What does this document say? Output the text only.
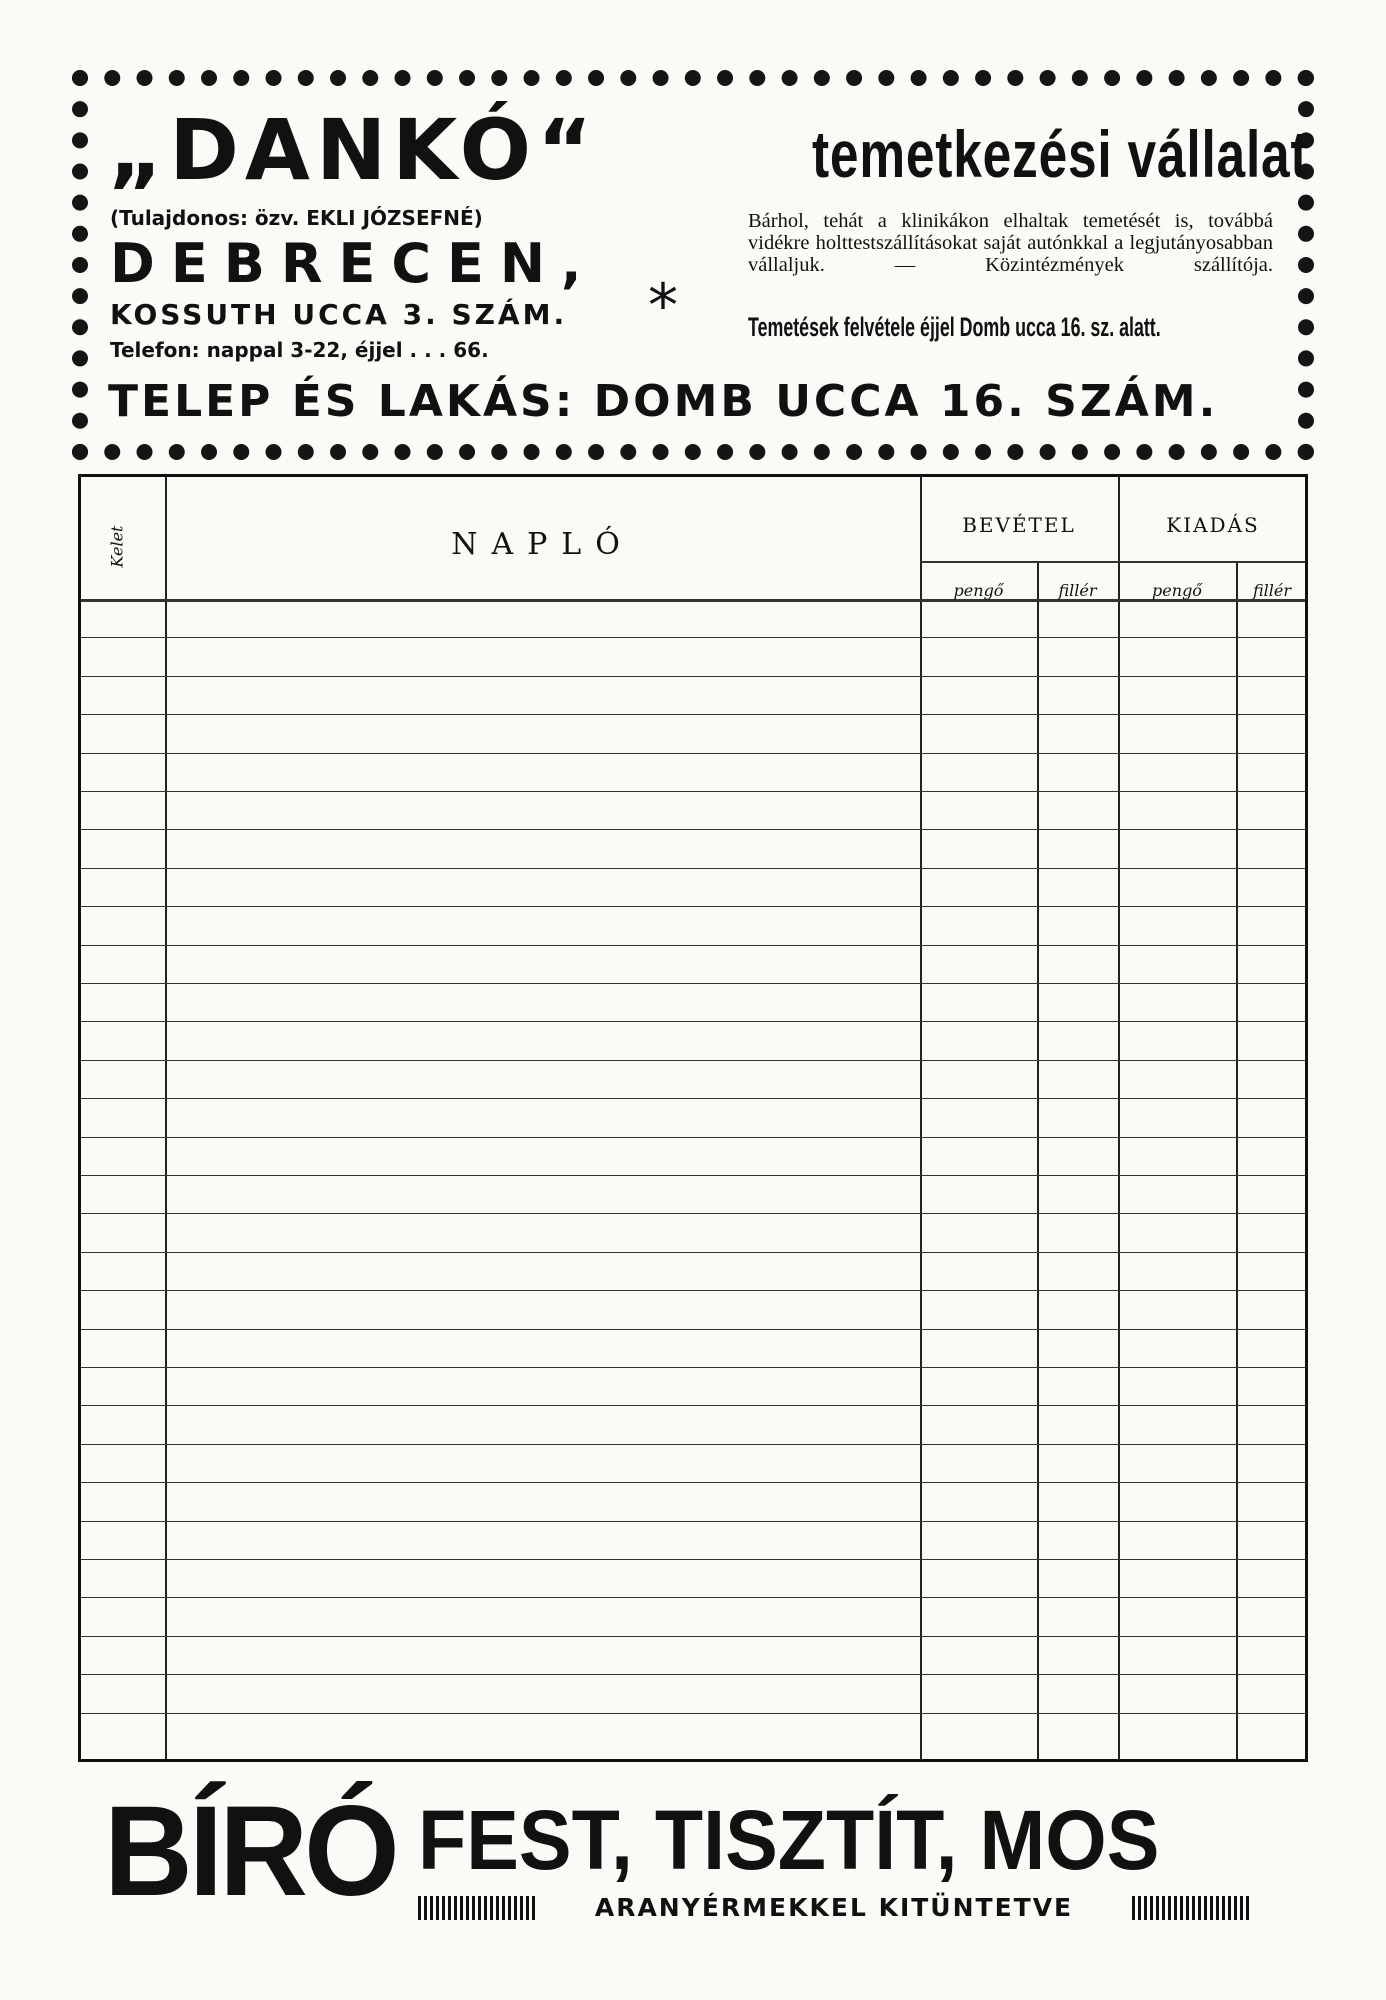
„DANKÓ“	temetkezési vállalat
(Tulajdonos: özv. EKLI JÓZSEFNÉ)
DEBRECEN,
KOSSUTH UCCA 3. SZÁM.
Telefon: nappal 3-22, éjjel . . . 66.
*
Bárhol, tehát a klinikákon elhaltak temetését is, továbbá vidékre holttestszállításokat saját autónkkal a legjutányosabban vállaljuk. — Közintézmények szállítója.
Temetések felvétele éjjel Domb ucca 16. sz. alatt.
TELEP ÉS LAKÁS: DOMB UCCA 16. SZÁM.
Kelet	NAPLÓ
BEVÉTEL	KIADÁS
pengő	fillér	pengő	fillér
BÍRÓ FEST, TISZTÍT, MOS
ARANYÉRMEKKEL KITÜNTETVE
